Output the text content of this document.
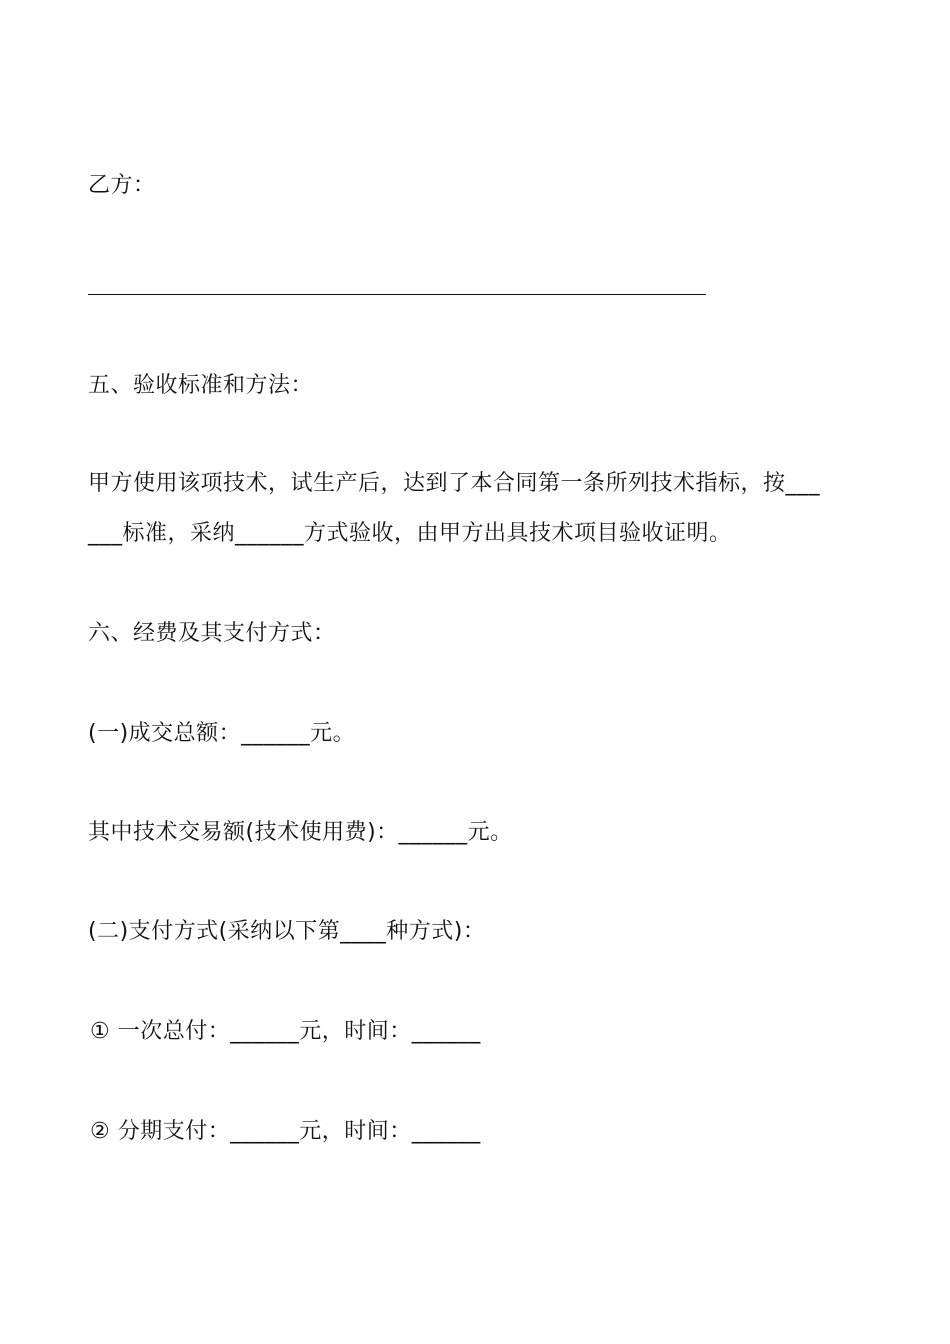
乙方：
五、验收标准和方法：
甲方使用该项技术，试生产后，达到了本合同第一条所列技术指标，按___
___标准，采纳______方式验收，由甲方出具技术项目验收证明。
六、经费及其支付方式：
(一)成交总额：______元。
其中技术交易额(技术使用费)：______元。
(二)支付方式(采纳以下第____种方式)：
① 一次总付：______元，时间：______
② 分期支付：______元，时间：______
